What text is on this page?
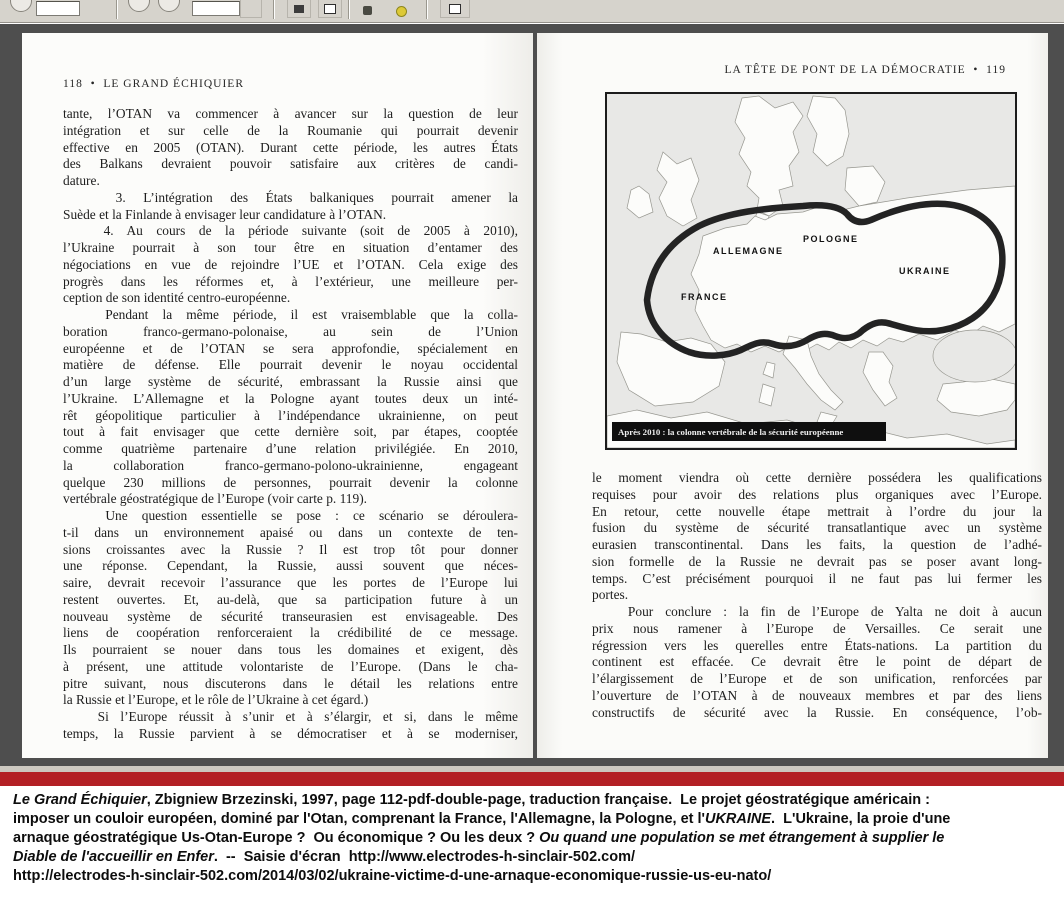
118  •  LE GRAND ÉCHIQUIER
tante, l’OTAN va commencer à avancer sur la question de leur
intégration et sur celle de la Roumanie qui pourrait devenir
effective en 2005 (OTAN). Durant cette période, les autres États
des Balkans devraient pouvoir satisfaire aux critères de candi-
dature.
3. L’intégration des États balkaniques pourrait amener la
Suède et la Finlande à envisager leur candidature à l’OTAN.
4. Au cours de la période suivante (soit de 2005 à 2010),
l’Ukraine pourrait à son tour être en situation d’entamer des
négociations en vue de rejoindre l’UE et l’OTAN. Cela exige des
progrès dans les réformes et, à l’extérieur, une meilleure per-
ception de son identité centro-européenne.
Pendant la même période, il est vraisemblable que la colla-
boration franco-germano-polonaise, au sein de l’Union
européenne et de l’OTAN se sera approfondie, spécialement en
matière de défense. Elle pourrait devenir le noyau occidental
d’un large système de sécurité, embrassant la Russie ainsi que
l’Ukraine. L’Allemagne et la Pologne ayant toutes deux un inté-
rêt géopolitique particulier à l’indépendance ukrainienne, on peut
tout à fait envisager que cette dernière soit, par étapes, cooptée
comme quatrième partenaire d’une relation privilégiée. En 2010,
la collaboration franco-germano-polono-ukrainienne, engageant
quelque 230 millions de personnes, pourrait devenir la colonne
vertébrale géostratégique de l’Europe (voir carte p. 119).
Une question essentielle se pose : ce scénario se déroulera-
t-il dans un environnement apaisé ou dans un contexte de ten-
sions croissantes avec la Russie ? Il est trop tôt pour donner
une réponse. Cependant, la Russie, aussi souvent que néces-
saire, devrait recevoir l’assurance que les portes de l’Europe lui
restent ouvertes. Et, au-delà, que sa participation future à un
nouveau système de sécurité transeurasien est envisageable. Des
liens de coopération renforceraient la crédibilité de ce message.
Ils pourraient se nouer dans tous les domaines et exigent, dès
à présent, une attitude volontariste de l’Europe. (Dans le cha-
pitre suivant, nous discuterons dans le détail les relations entre
la Russie et l’Europe, et le rôle de l’Ukraine à cet égard.)
Si l’Europe réussit à s’unir et à s’élargir, et si, dans le même
temps, la Russie parvient à se démocratiser et à se moderniser,
LA TÊTE DE PONT DE LA DÉMOCRATIE  •  119
ALLEMAGNE
POLOGNE
UKRAINE
FRANCE
Après 2010 : la colonne vertébrale de la sécurité européenne
le moment viendra où cette dernière possédera les qualifications
requises pour avoir des relations plus organiques avec l’Europe.
En retour, cette nouvelle étape mettrait à l’ordre du jour la
fusion du système de sécurité transatlantique avec un système
eurasien transcontinental. Dans les faits, la question de l’adhé-
sion formelle de la Russie ne devrait pas se poser avant long-
temps. C’est précisément pourquoi il ne faut pas lui fermer les
portes.
Pour conclure : la fin de l’Europe de Yalta ne doit à aucun
prix nous ramener à l’Europe de Versailles. Ce serait une
régression vers les querelles entre États-nations. La partition du
continent est effacée. Ce devrait être le point de départ de
l’élargissement de l’Europe et de son unification, renforcées par
l’ouverture de l’OTAN à de nouveaux membres et par des liens
constructifs de sécurité avec la Russie. En conséquence, l’ob-
Le Grand Échiquier, Zbigniew Brzezinski, 1997, page 112-pdf-double-page, traduction française.  Le projet géostratégique américain :
imposer un couloir européen, dominé par l'Otan, comprenant la France, l'Allemagne, la Pologne, et l'UKRAINE.  L'Ukraine, la proie d'une
arnaque géostratégique Us-Otan-Europe ?  Ou économique ? Ou les deux ? Ou quand une population se met étrangement à supplier le
Diable de l'accueillir en Enfer.  --  Saisie d'écran  http://www.electrodes-h-sinclair-502.com/
http://electrodes-h-sinclair-502.com/2014/03/02/ukraine-victime-d-une-arnaque-economique-russie-us-eu-nato/
